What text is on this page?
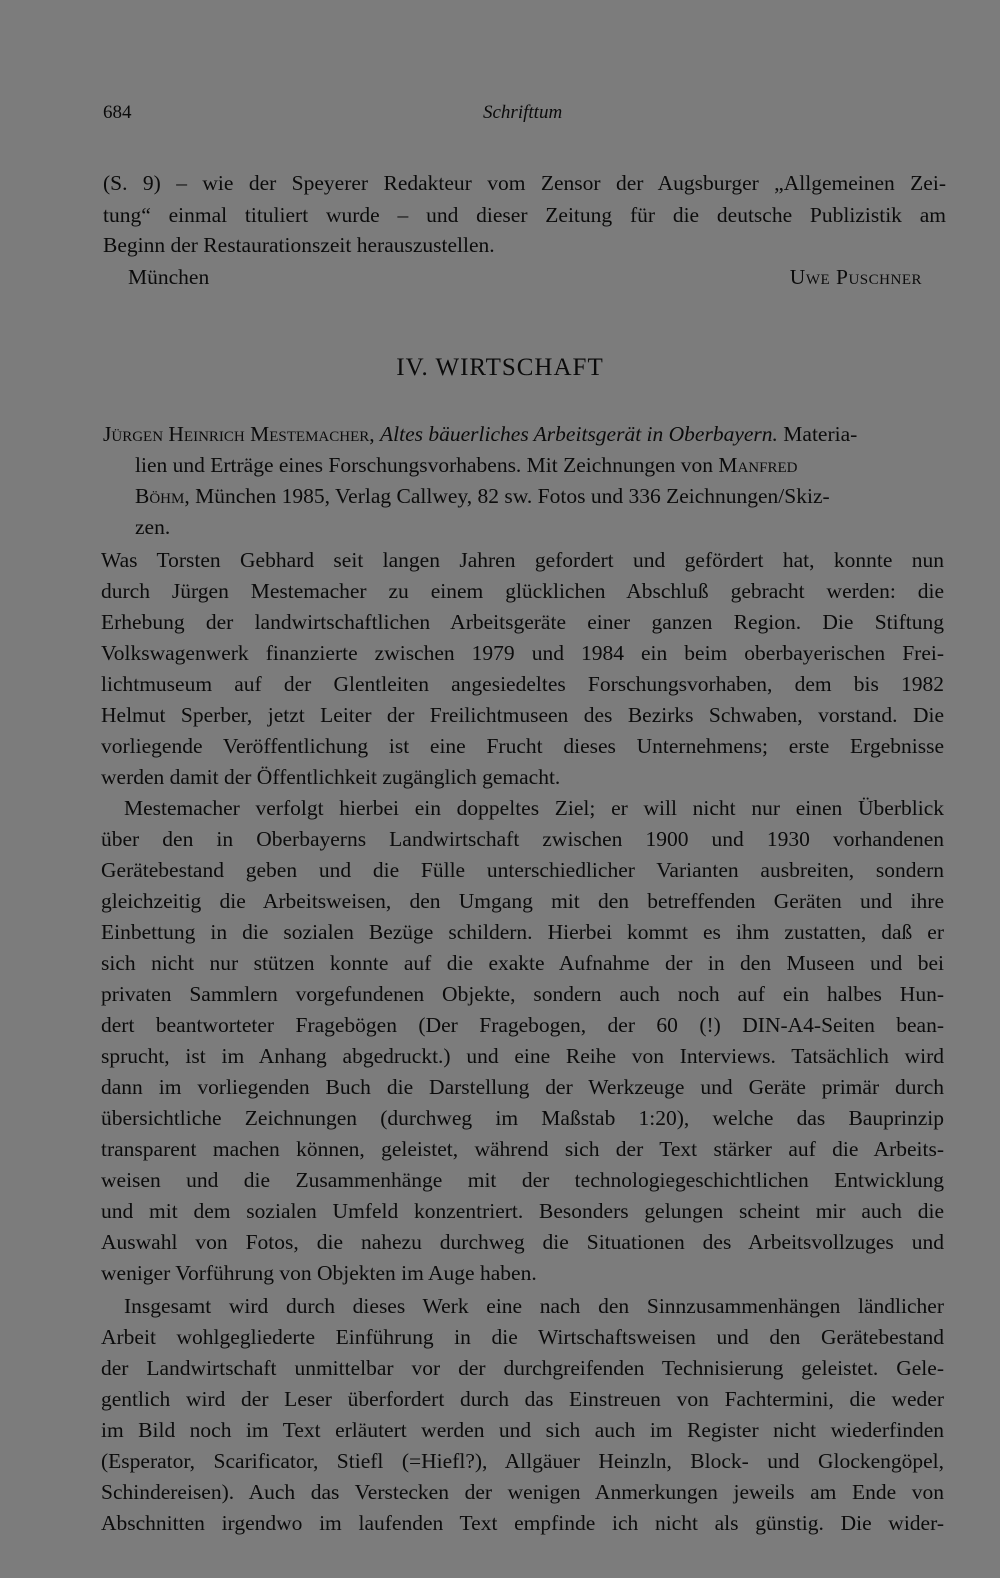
684	Schrifttum
(S. 9) – wie der Speyerer Redakteur vom Zensor der Augsburger „Allgemeinen Zei-
tung“ einmal tituliert wurde – und dieser Zeitung für die deutsche Publizistik am
Beginn der Restaurationszeit herauszustellen.
München	Uwe Puschner
IV. WIRTSCHAFT
Jürgen Heinrich Mestemacher, Altes bäuerliches Arbeitsgerät in Oberbayern. Materia-
lien und Erträge eines Forschungsvorhabens. Mit Zeichnungen von Manfred
Böhm, München 1985, Verlag Callwey, 82 sw. Fotos und 336 Zeichnungen/Skiz-
zen.
Was Torsten Gebhard seit langen Jahren gefordert und gefördert hat, konnte nun
durch Jürgen Mestemacher zu einem glücklichen Abschluß gebracht werden: die
Erhebung der landwirtschaftlichen Arbeitsgeräte einer ganzen Region. Die Stiftung
Volkswagenwerk finanzierte zwischen 1979 und 1984 ein beim oberbayerischen Frei-
lichtmuseum auf der Glentleiten angesiedeltes Forschungsvorhaben, dem bis 1982
Helmut Sperber, jetzt Leiter der Freilichtmuseen des Bezirks Schwaben, vorstand. Die
vorliegende Veröffentlichung ist eine Frucht dieses Unternehmens; erste Ergebnisse
werden damit der Öffentlichkeit zugänglich gemacht.
Mestemacher verfolgt hierbei ein doppeltes Ziel; er will nicht nur einen Überblick
über den in Oberbayerns Landwirtschaft zwischen 1900 und 1930 vorhandenen
Gerätebestand geben und die Fülle unterschiedlicher Varianten ausbreiten, sondern
gleichzeitig die Arbeitsweisen, den Umgang mit den betreffenden Geräten und ihre
Einbettung in die sozialen Bezüge schildern. Hierbei kommt es ihm zustatten, daß er
sich nicht nur stützen konnte auf die exakte Aufnahme der in den Museen und bei
privaten Sammlern vorgefundenen Objekte, sondern auch noch auf ein halbes Hun-
dert beantworteter Fragebögen (Der Fragebogen, der 60 (!) DIN-A4-Seiten bean-
sprucht, ist im Anhang abgedruckt.) und eine Reihe von Interviews. Tatsächlich wird
dann im vorliegenden Buch die Darstellung der Werkzeuge und Geräte primär durch
übersichtliche Zeichnungen (durchweg im Maßstab 1:20), welche das Bauprinzip
transparent machen können, geleistet, während sich der Text stärker auf die Arbeits-
weisen und die Zusammenhänge mit der technologiegeschichtlichen Entwicklung
und mit dem sozialen Umfeld konzentriert. Besonders gelungen scheint mir auch die
Auswahl von Fotos, die nahezu durchweg die Situationen des Arbeitsvollzuges und
weniger Vorführung von Objekten im Auge haben.
Insgesamt wird durch dieses Werk eine nach den Sinnzusammenhängen ländlicher
Arbeit wohlgegliederte Einführung in die Wirtschaftsweisen und den Gerätebestand
der Landwirtschaft unmittelbar vor der durchgreifenden Technisierung geleistet. Gele-
gentlich wird der Leser überfordert durch das Einstreuen von Fachtermini, die weder
im Bild noch im Text erläutert werden und sich auch im Register nicht wiederfinden
(Esperator, Scarificator, Stiefl (=Hiefl?), Allgäuer Heinzln, Block- und Glockengöpel,
Schindereisen). Auch das Verstecken der wenigen Anmerkungen jeweils am Ende von
Abschnitten irgendwo im laufenden Text empfinde ich nicht als günstig. Die wider-
